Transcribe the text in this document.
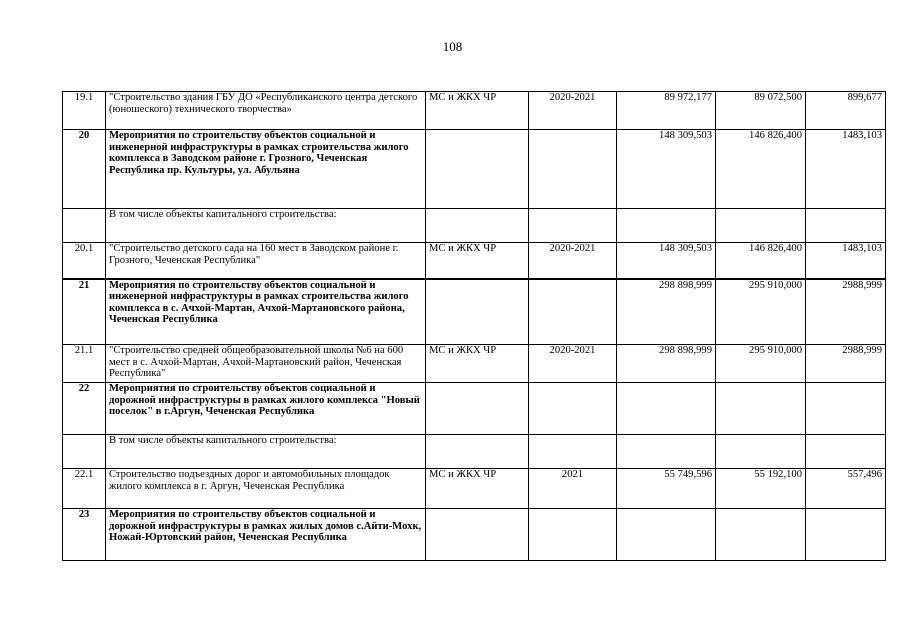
108
19.1	"Строительство здания ГБУ ДО «Республиканского центра детского (юношеского) технического творчества»	МС и ЖКХ ЧР	2020-2021	89 972,177	89 072,500	899,677
20	Мероприятия по строительству объектов социальной и инженерной инфраструктуры в рамках строительства жилого комплекса в Заводском районе г. Грозного, Чеченская Республика пр. Культуры, ул. Абульяна			148 309,503	146 826,400	1483,103
	В том числе объекты капитального строительства:					
20.1	"Строительство детского сада на 160 мест в Заводском районе г. Грозного, Чеченская Республика"	МС и ЖКХ ЧР	2020-2021	148 309,503	146 826,400	1483,103
21	Мероприятия по строительству объектов социальной и инженерной инфраструктуры в рамках строительства жилого комплекса в с. Ачхой-Мартан, Ачхой-Мартановского района, Чеченская Республика			298 898,999	295 910,000	2988,999
21.1	"Строительство средней общеобразовательной школы №6 на 600 мест в с. Ачхой-Мартан, Ачхой-Мартановский район, Чеченская Республика"	МС и ЖКХ ЧР	2020-2021	298 898,999	295 910,000	2988,999
22	Мероприятия по строительству объектов социальной и дорожной инфраструктуры в рамках жилого комплекса "Новый поселок" в г.Аргун, Чеченская Республика					
	В том числе объекты капитального строительства:					
22.1	Строительство подъездных дорог и автомобильных площадок жилого комплекса в г. Аргун, Чеченская Республика	МС и ЖКХ ЧР	2021	55 749,596	55 192,100	557,496
23	Мероприятия по строительству объектов социальной и дорожной инфраструктуры в рамках жилых домов с.Айти-Мохк, Ножай-Юртовский район, Чеченская Республика					
